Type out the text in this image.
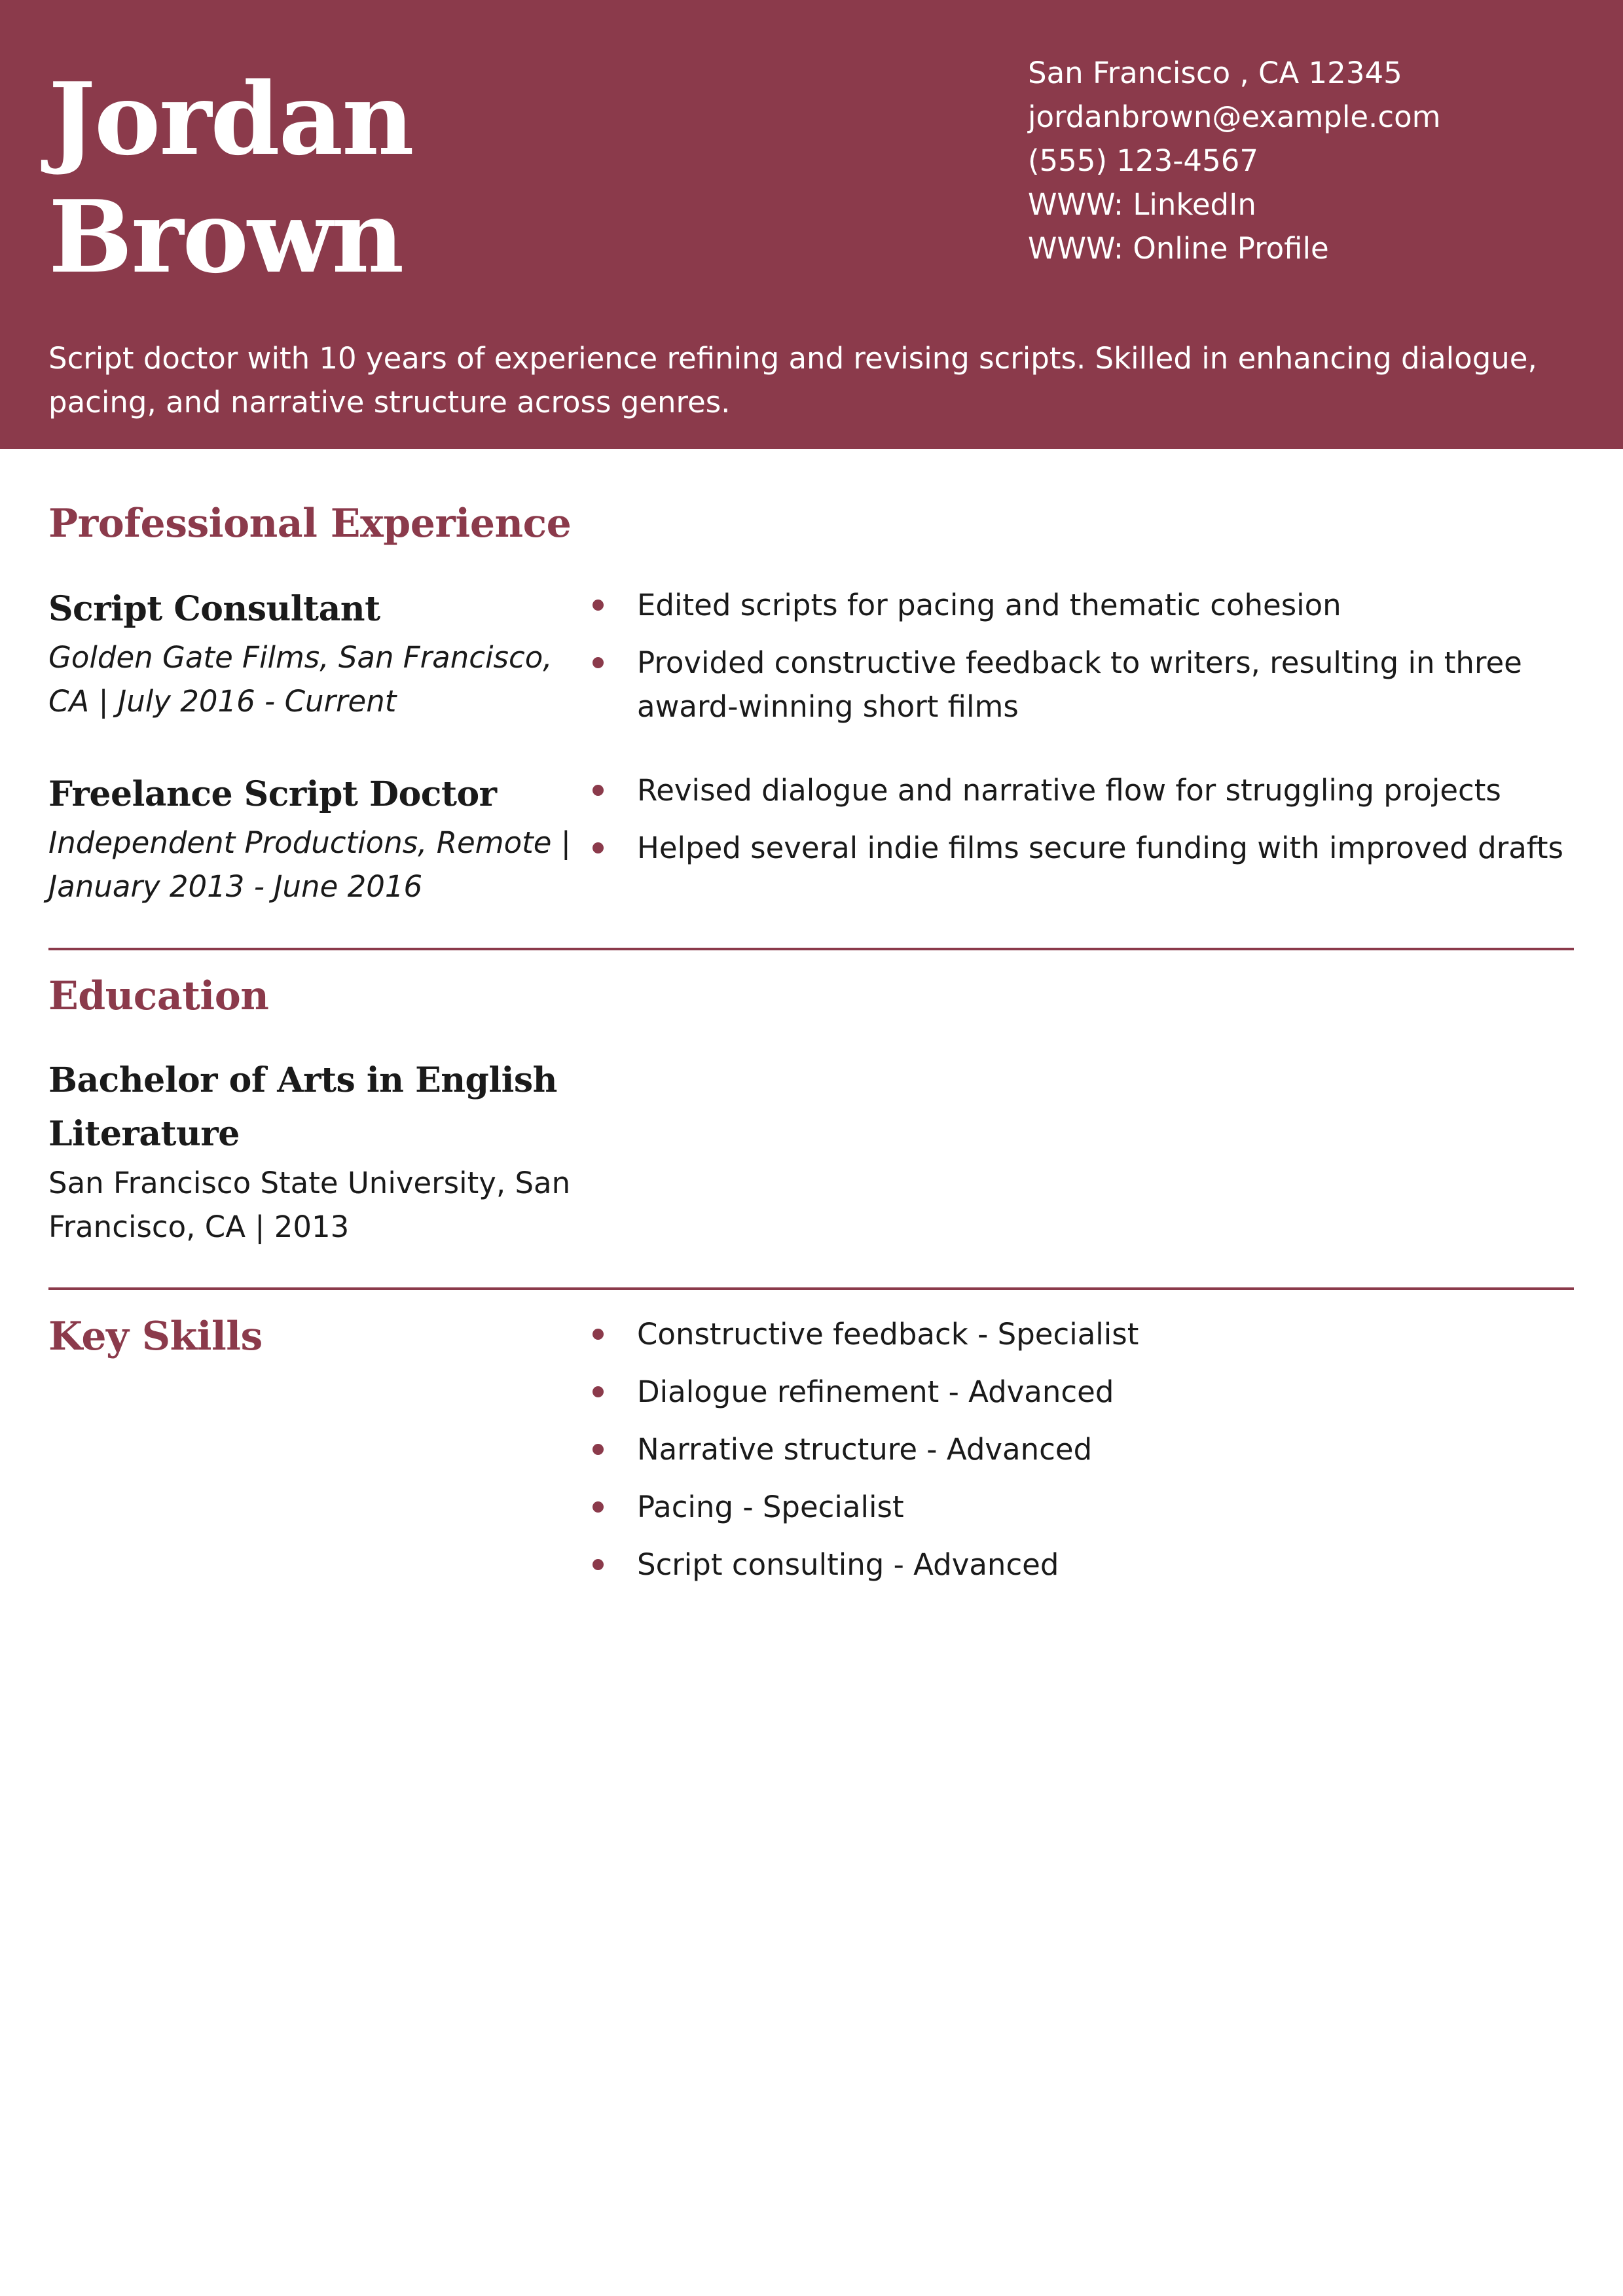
Jordan
Brown
San Francisco , CA 12345
jordanbrown@example.com
(555) 123-4567
WWW: LinkedIn
WWW: Online Profile
Script doctor with 10 years of experience refining and revising scripts. Skilled in enhancing dialogue, pacing, and narrative structure across genres.
Professional Experience
Script Consultant
Golden Gate Films, San Francisco, CA | July 2016 - Current
Edited scripts for pacing and thematic cohesion
Provided constructive feedback to writers, resulting in three award-winning short films
Freelance Script Doctor
Independent Productions, Remote | January 2013 - June 2016
Revised dialogue and narrative flow for struggling projects
Helped several indie films secure funding with improved drafts
Education
Bachelor of Arts in English Literature
San Francisco State University, San Francisco, CA | 2013
Key Skills	Constructive feedback - Specialist
Dialogue refinement - Advanced
Narrative structure - Advanced
Pacing - Specialist
Script consulting - Advanced
